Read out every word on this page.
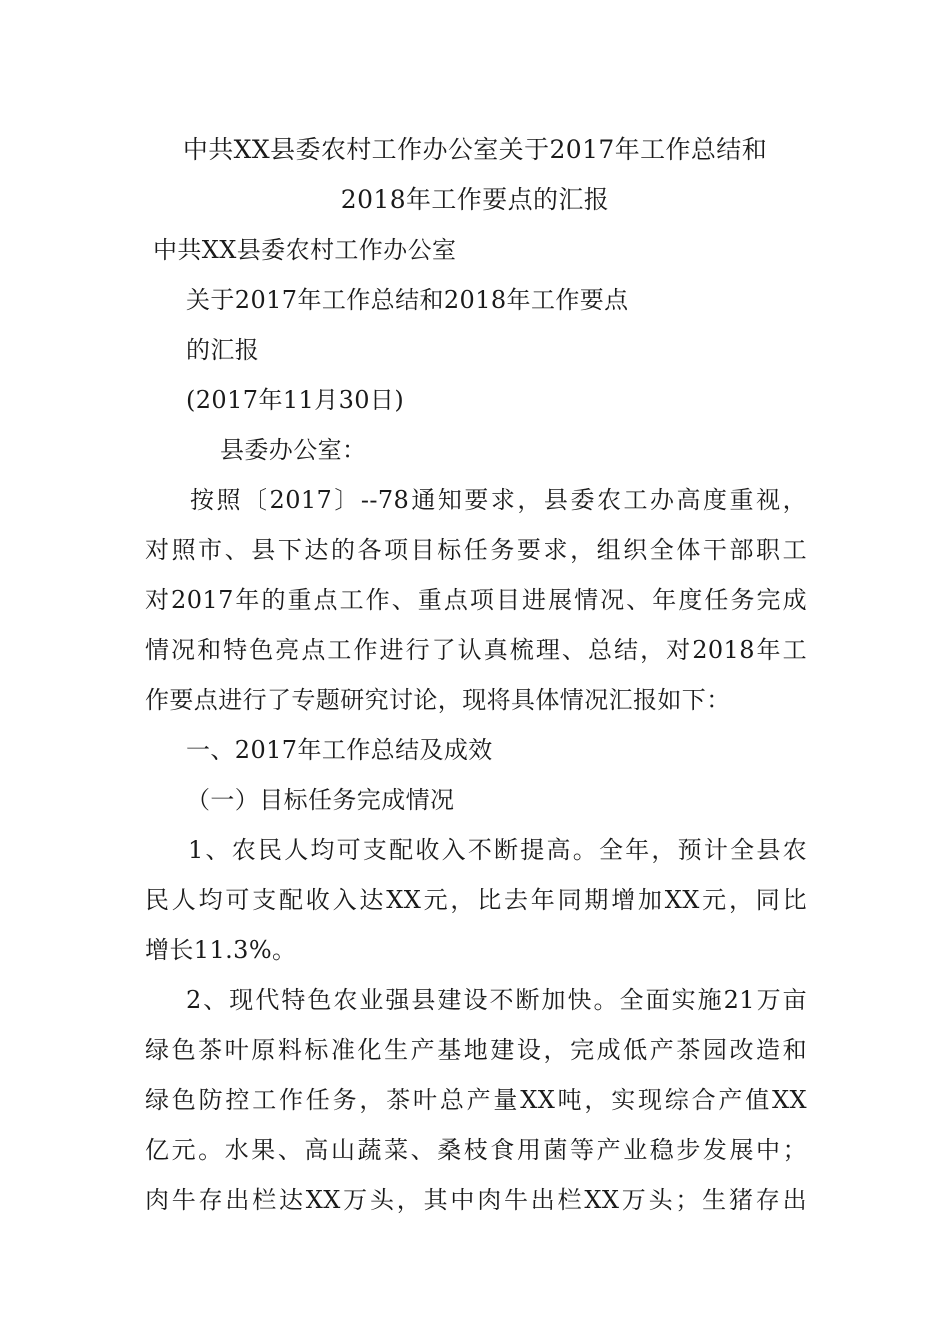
中共XX县委农村工作办公室关于2017年工作总结和
2018年工作要点的汇报
中共XX县委农村工作办公室
关于2017年工作总结和2018年工作要点
的汇报
(2017年11月30日)
县委办公室：
按照〔2017〕--78通知要求，县委农工办高度重视，
对照市、县下达的各项目标任务要求，组织全体干部职工
对2017年的重点工作、重点项目进展情况、年度任务完成
情况和特色亮点工作进行了认真梳理、总结，对2018年工
作要点进行了专题研究讨论，现将具体情况汇报如下：
一、2017年工作总结及成效
（一）目标任务完成情况
1、农民人均可支配收入不断提高。全年，预计全县农
民人均可支配收入达XX元，比去年同期增加XX元，同比
增长11.3%。
2、现代特色农业强县建设不断加快。全面实施21万亩
绿色茶叶原料标准化生产基地建设，完成低产茶园改造和
绿色防控工作任务，茶叶总产量XX吨，实现综合产值XX
亿元。水果、高山蔬菜、桑枝食用菌等产业稳步发展中；
肉牛存出栏达XX万头，其中肉牛出栏XX万头；生猪存出
